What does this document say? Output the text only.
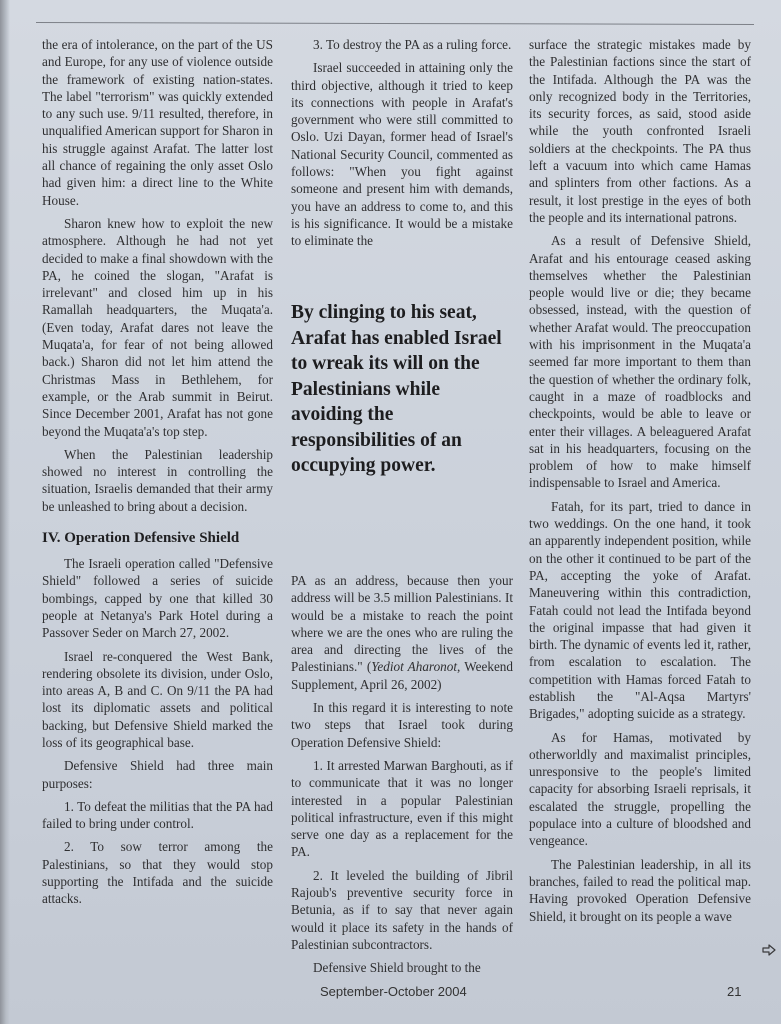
the era of intolerance, on the part of the US and Europe, for any use of violence outside the framework of existing nation-states. The label "terrorism" was quickly extended to any such use. 9/11 resulted, therefore, in unqualified American support for Sharon in his struggle against Arafat. The latter lost all chance of regaining the only asset Oslo had given him: a direct line to the White House.

Sharon knew how to exploit the new atmosphere. Although he had not yet decided to make a final showdown with the PA, he coined the slogan, "Arafat is irrelevant" and closed him up in his Ramallah headquarters, the Muqata'a. (Even today, Arafat dares not leave the Muqata'a, for fear of not being allowed back.) Sharon did not let him attend the Christmas Mass in Bethlehem, for example, or the Arab summit in Beirut. Since December 2001, Arafat has not gone beyond the Muqata'a's top step.

When the Palestinian leadership showed no interest in controlling the situation, Israelis demanded that their army be unleashed to bring about a decision.

IV. Operation Defensive Shield

The Israeli operation called "Defensive Shield" followed a series of suicide bombings, capped by one that killed 30 people at Netanya's Park Hotel during a Passover Seder on March 27, 2002.

Israel re-conquered the West Bank, rendering obsolete its division, under Oslo, into areas A, B and C. On 9/11 the PA had lost its diplomatic assets and political backing, but Defensive Shield marked the loss of its geographical base.

Defensive Shield had three main purposes:

1. To defeat the militias that the PA had failed to bring under control.

2. To sow terror among the Palestinians, so that they would stop supporting the Intifada and the suicide attacks.

3. To destroy the PA as a ruling force.

Israel succeeded in attaining only the third objective, although it tried to keep its connections with people in Arafat's government who were still committed to Oslo. Uzi Dayan, former head of Israel's National Security Council, commented as follows: "When you fight against someone and present him with demands, you have an address to come to, and this is his significance. It would be a mistake to eliminate the

By clinging to his seat, Arafat has enabled Israel to wreak its will on the Palestinians while avoiding the responsibilities of an occupying power.

PA as an address, because then your address will be 3.5 million Palestinians. It would be a mistake to reach the point where we are the ones who are ruling the area and directing the lives of the Palestinians." (Yediot Aharonot, Weekend Supplement, April 26, 2002)

In this regard it is interesting to note two steps that Israel took during Operation Defensive Shield:

1. It arrested Marwan Barghouti, as if to communicate that it was no longer interested in a popular Palestinian political infrastructure, even if this might serve one day as a replacement for the PA.

2. It leveled the building of Jibril Rajoub's preventive security force in Betunia, as if to say that never again would it place its safety in the hands of Palestinian subcontractors.

Defensive Shield brought to the

surface the strategic mistakes made by the Palestinian factions since the start of the Intifada. Although the PA was the only recognized body in the Territories, its security forces, as said, stood aside while the youth confronted Israeli soldiers at the checkpoints. The PA thus left a vacuum into which came Hamas and splinters from other factions. As a result, it lost prestige in the eyes of both the people and its international patrons.

As a result of Defensive Shield, Arafat and his entourage ceased asking themselves whether the Palestinian people would live or die; they became obsessed, instead, with the question of whether Arafat would. The preoccupation with his imprisonment in the Muqata'a seemed far more important to them than the question of whether the ordinary folk, caught in a maze of roadblocks and checkpoints, would be able to leave or enter their villages. A beleaguered Arafat sat in his headquarters, focusing on the problem of how to make himself indispensable to Israel and America.

Fatah, for its part, tried to dance in two weddings. On the one hand, it took an apparently independent position, while on the other it continued to be part of the PA, accepting the yoke of Arafat. Maneuvering within this contradiction, Fatah could not lead the Intifada beyond the original impasse that had given it birth. The dynamic of events led it, rather, from escalation to escalation. The competition with Hamas forced Fatah to establish the "Al-Aqsa Martyrs' Brigades," adopting suicide as a strategy.

As for Hamas, motivated by otherworldly and maximalist principles, unresponsive to the people's limited capacity for absorbing Israeli reprisals, it escalated the struggle, propelling the populace into a culture of bloodshed and vengeance.

The Palestinian leadership, in all its branches, failed to read the political map. Having provoked Operation Defensive Shield, it brought on its people a wave

September-October 2004	21
